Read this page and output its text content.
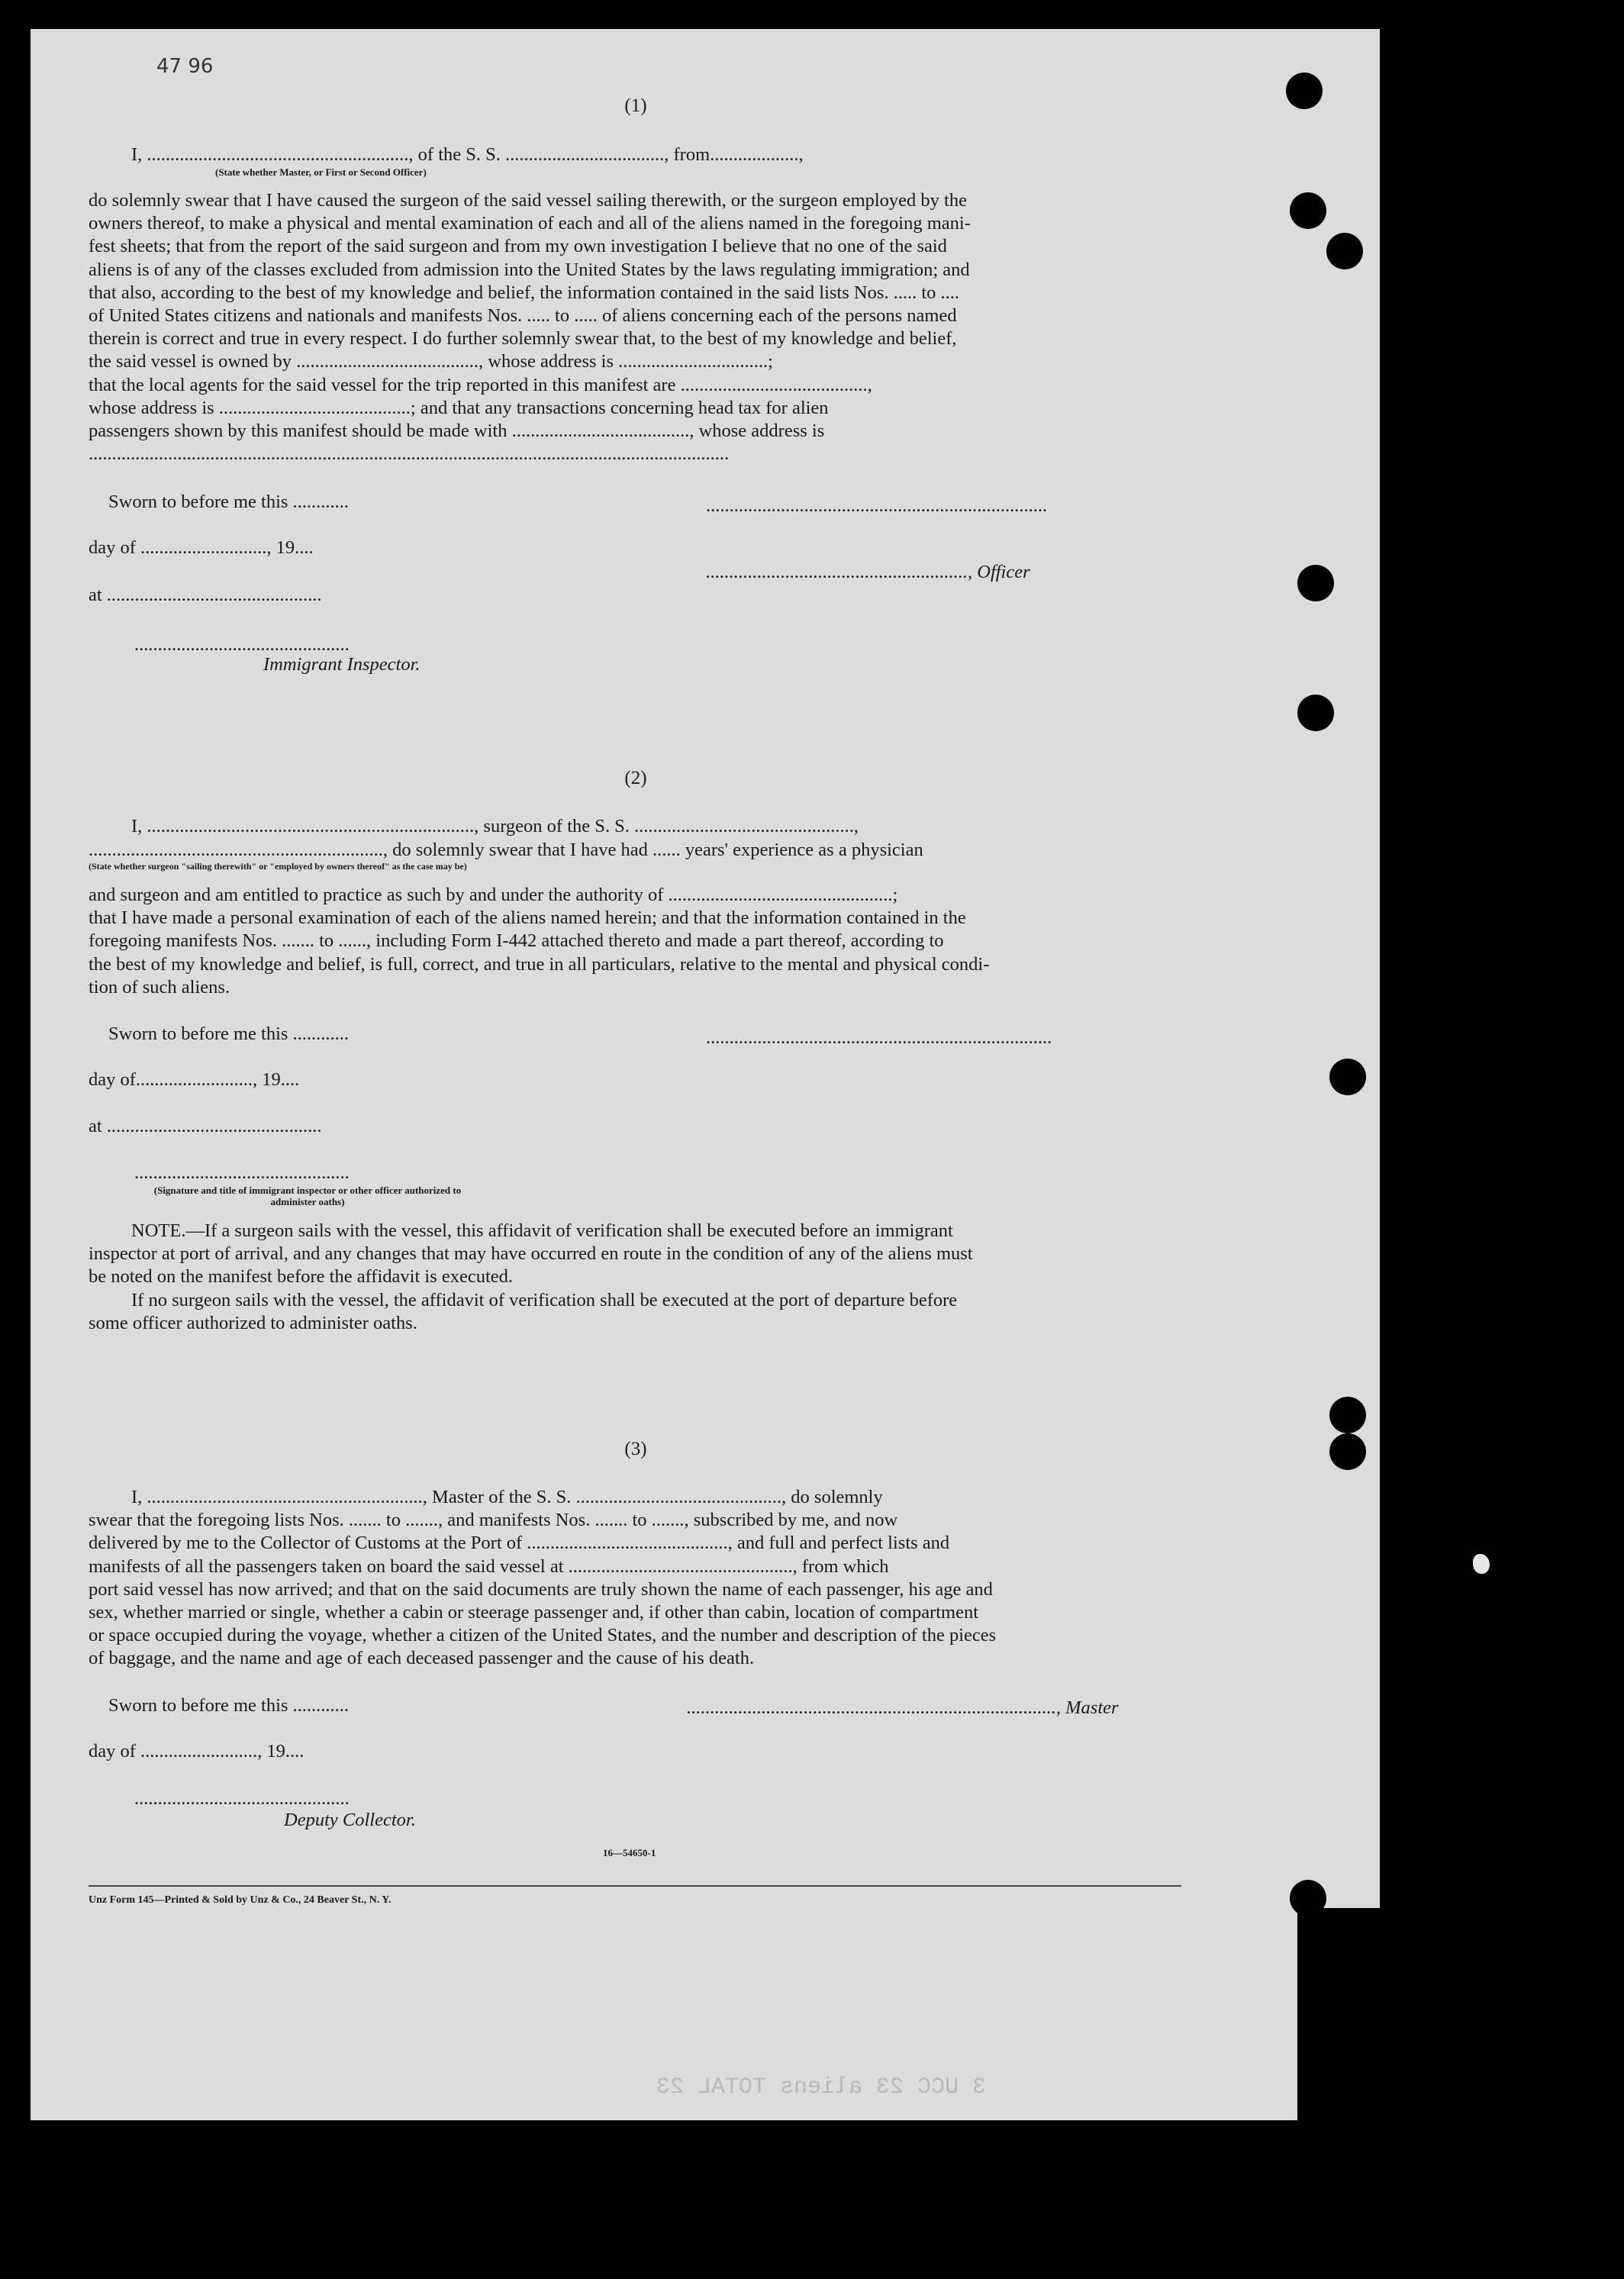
3 UCC 23 aliens TOTAL 23
47 96
(1)
I, ........................................................, of the S. S. .................................., from...................,
(State whether Master, or First or Second Officer)
do solemnly swear that I have caused the surgeon of the said vessel sailing therewith, or the surgeon employed by the
owners thereof, to make a physical and mental examination of each and all of the aliens named in the foregoing mani-
fest sheets; that from the report of the said surgeon and from my own investigation I believe that no one of the said
aliens is of any of the classes excluded from admission into the United States by the laws regulating immigration; and
that also, according to the best of my knowledge and belief, the information contained in the said lists Nos. ..... to ....
of United States citizens and nationals and manifests Nos. ..... to ..... of aliens concerning each of the persons named
therein is correct and true in every respect. I do further solemnly swear that, to the best of my knowledge and belief,
the said vessel is owned by ......................................., whose address is ................................;
that the local agents for the said vessel for the trip reported in this manifest are ........................................,
whose address is .........................................; and that any transactions concerning head tax for alien
passengers shown by this manifest should be made with ......................................, whose address is
.........................................................................................................................................
Sworn to before me this ............	.........................................................................
day of ..........................., 19....
at ..............................................
........................................................, Officer
..............................................
Immigrant Inspector.
(2)
I, ......................................................................, surgeon of the S. S. ...............................................,
..............................................................., do solemnly swear that I have had ...... years' experience as a physician
(State whether surgeon "sailing therewith" or "employed by owners thereof" as the case may be)
and surgeon and am entitled to practice as such by and under the authority of ................................................;
that I have made a personal examination of each of the aliens named herein; and that the information contained in the
foregoing manifests Nos. ....... to ......, including Form I-442 attached thereto and made a part thereof, according to
the best of my knowledge and belief, is full, correct, and true in all particulars, relative to the mental and physical condi-
tion of such aliens.
Sworn to before me this ............	..........................................................................
day of........................., 19....
at ..............................................
..............................................
(Signature and title of immigrant inspector or other officer authorized to administer oaths)
NOTE.—If a surgeon sails with the vessel, this affidavit of verification shall be executed before an immigrant
inspector at port of arrival, and any changes that may have occurred en route in the condition of any of the aliens must
be noted on the manifest before the affidavit is executed.
If no surgeon sails with the vessel, the affidavit of verification shall be executed at the port of departure before
some officer authorized to administer oaths.
(3)
I, ..........................................................., Master of the S. S. ............................................, do solemnly
swear that the foregoing lists Nos. ....... to ......., and manifests Nos. ....... to ......., subscribed by me, and now
delivered by me to the Collector of Customs at the Port of ..........................................., and full and perfect lists and
manifests of all the passengers taken on board the said vessel at ................................................, from which
port said vessel has now arrived; and that on the said documents are truly shown the name of each passenger, his age and
sex, whether married or single, whether a cabin or steerage passenger and, if other than cabin, location of compartment
or space occupied during the voyage, whether a citizen of the United States, and the number and description of the pieces
of baggage, and the name and age of each deceased passenger and the cause of his death.
Sworn to before me this ............	..............................................................................., Master
day of ........................., 19....
..............................................
Deputy Collector.
16—54650-1
Unz Form 145—Printed & Sold by Unz & Co., 24 Beaver St., N. Y.
